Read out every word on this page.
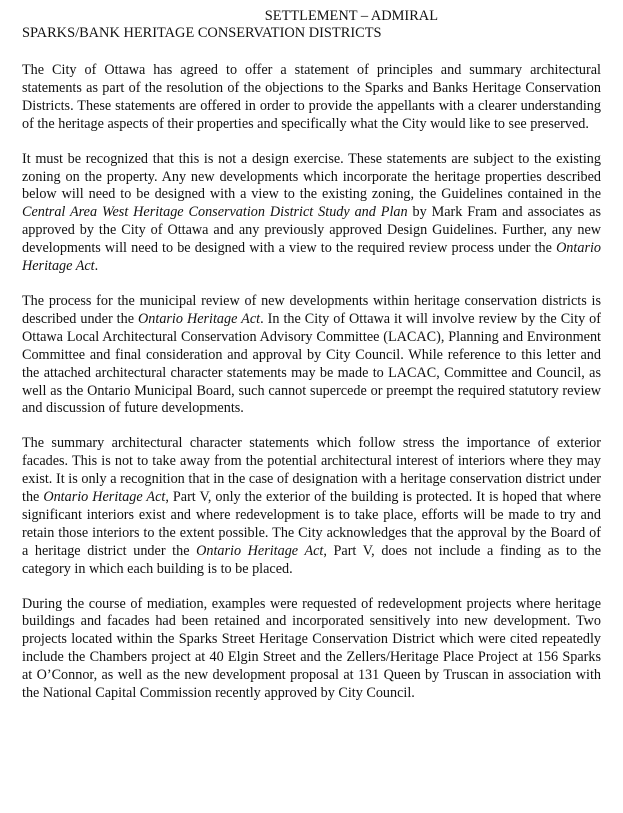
SETTLEMENT – ADMIRAL
SPARKS/BANK HERITAGE CONSERVATION DISTRICTS

The City of Ottawa has agreed to offer a statement of principles and summary architectural statements as part of the resolution of the objections to the Sparks and Banks Heritage Conservation Districts. These statements are offered in order to provide the appellants with a clearer understanding of the heritage aspects of their properties and specifically what the City would like to see preserved.

It must be recognized that this is not a design exercise. These statements are subject to the existing zoning on the property. Any new developments which incorporate the heritage properties described below will need to be designed with a view to the existing zoning, the Guidelines contained in the Central Area West Heritage Conservation District Study and Plan by Mark Fram and associates as approved by the City of Ottawa and any previously approved Design Guidelines. Further, any new developments will need to be designed with a view to the required review process under the Ontario Heritage Act.

The process for the municipal review of new developments within heritage conservation districts is described under the Ontario Heritage Act. In the City of Ottawa it will involve review by the City of Ottawa Local Architectural Conservation Advisory Committee (LACAC), Planning and Environment Committee and final consideration and approval by City Council. While reference to this letter and the attached architectural character statements may be made to LACAC, Committee and Council, as well as the Ontario Municipal Board, such cannot supercede or preempt the required statutory review and discussion of future developments.

The summary architectural character statements which follow stress the importance of exterior facades. This is not to take away from the potential architectural interest of interiors where they may exist. It is only a recognition that in the case of designation with a heritage conservation district under the Ontario Heritage Act, Part V, only the exterior of the building is protected. It is hoped that where significant interiors exist and where redevelopment is to take place, efforts will be made to try and retain those interiors to the extent possible. The City acknowledges that the approval by the Board of a heritage district under the Ontario Heritage Act, Part V, does not include a finding as to the category in which each building is to be placed.

During the course of mediation, examples were requested of redevelopment projects where heritage buildings and facades had been retained and incorporated sensitively into new development. Two projects located within the Sparks Street Heritage Conservation District which were cited repeatedly include the Chambers project at 40 Elgin Street and the Zellers/Heritage Place Project at 156 Sparks at O’Connor, as well as the new development proposal at 131 Queen by Truscan in association with the National Capital Commission recently approved by City Council.
